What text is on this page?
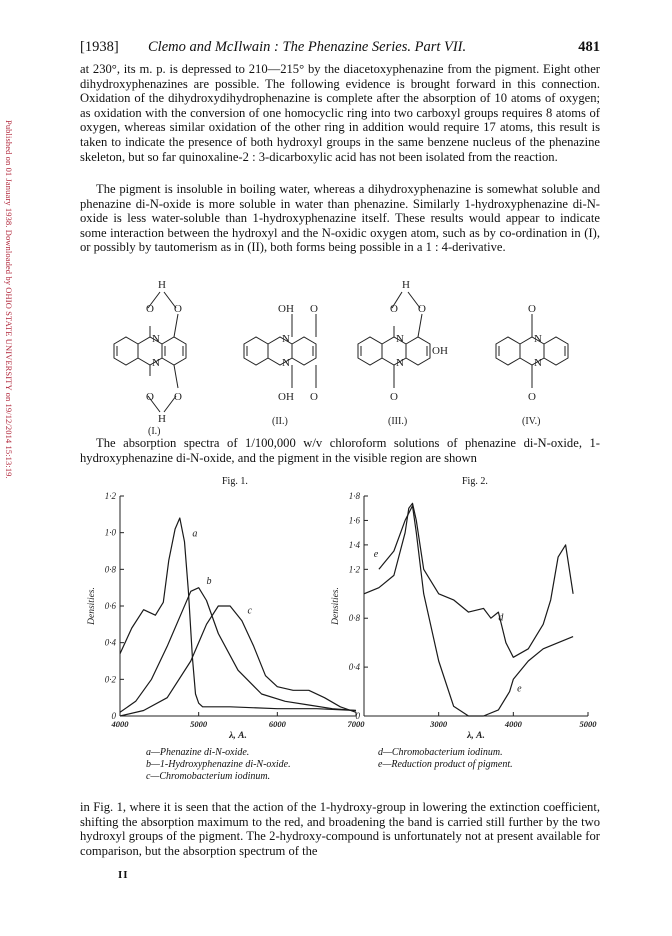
Published on 01 January 1938. Downloaded by OHIO STATE UNIVERSITY on 19/12/2014 15:13:19.
[1938] Clemo and McIlwain : The Phenazine Series. Part VII.	481

at 230°, its m. p. is depressed to 210—215° by the diacetoxyphenazine from the pigment. Eight other dihydroxyphenazines are possible. The following evidence is brought forward in this connection. Oxidation of the dihydroxydihydrophenazine is complete after the absorption of 10 atoms of oxygen; as oxidation with the conversion of one homocyclic ring into two carboxyl groups requires 8 atoms of oxygen, whereas similar oxidation of the other ring in addition would require 17 atoms, this result is taken to indicate the presence of both hydroxyl groups in the same benzene nucleus of the phenazine skeleton, but so far quinoxaline-2 : 3-dicarboxylic acid has not been isolated from the reaction.

The pigment is insoluble in boiling water, whereas a dihydroxyphenazine is somewhat soluble and phenazine di-N-oxide is more soluble in water than phenazine. Similarly 1-hydroxyphenazine di-N-oxide is less water-soluble than 1-hydroxyphenazine itself. These results would appear to indicate some interaction between the hydroxyl and the N-oxidic oxygen atom, such as by co-ordination in (I), or possibly by tautomerism as in (II), both forms being possible in a 1 : 4-derivative.

N
N
O O
O O
H
H
(I.)
N
N
OH O
OH O
(II.)
N
N
O O
H
OH
O
(III.)
N
N
O
O
(IV.)

The absorption spectra of 1/100,000 w/v chloroform solutions of phenazine di-N-oxide, 1-hydroxyphenazine di-N-oxide, and the pigment in the visible region are shown

Fig. 1.	Fig. 2.
1·2
1·0
0·8
0·6
0·4
0·2
0
4000	5000	6000	7000
Densities.
λ, A.
a
b
c
1·8
1·6
1·4
1·2
0·8
0·4
0
3000	4000	5000
Densities.
λ, A.
d
e
e
a—Phenazine di-N-oxide.
b—1-Hydroxyphenazine di-N-oxide.
c—Chromobacterium iodinum.
d—Chromobacterium iodinum.
e—Reduction product of pigment.

in Fig. 1, where it is seen that the action of the 1-hydroxy-group in lowering the extinction coefficient, shifting the absorption maximum to the red, and broadening the band is carried still further by the two hydroxyl groups of the pigment. The 2-hydroxy-compound is unfortunately not at present available for comparison, but the absorption spectrum of the

II
